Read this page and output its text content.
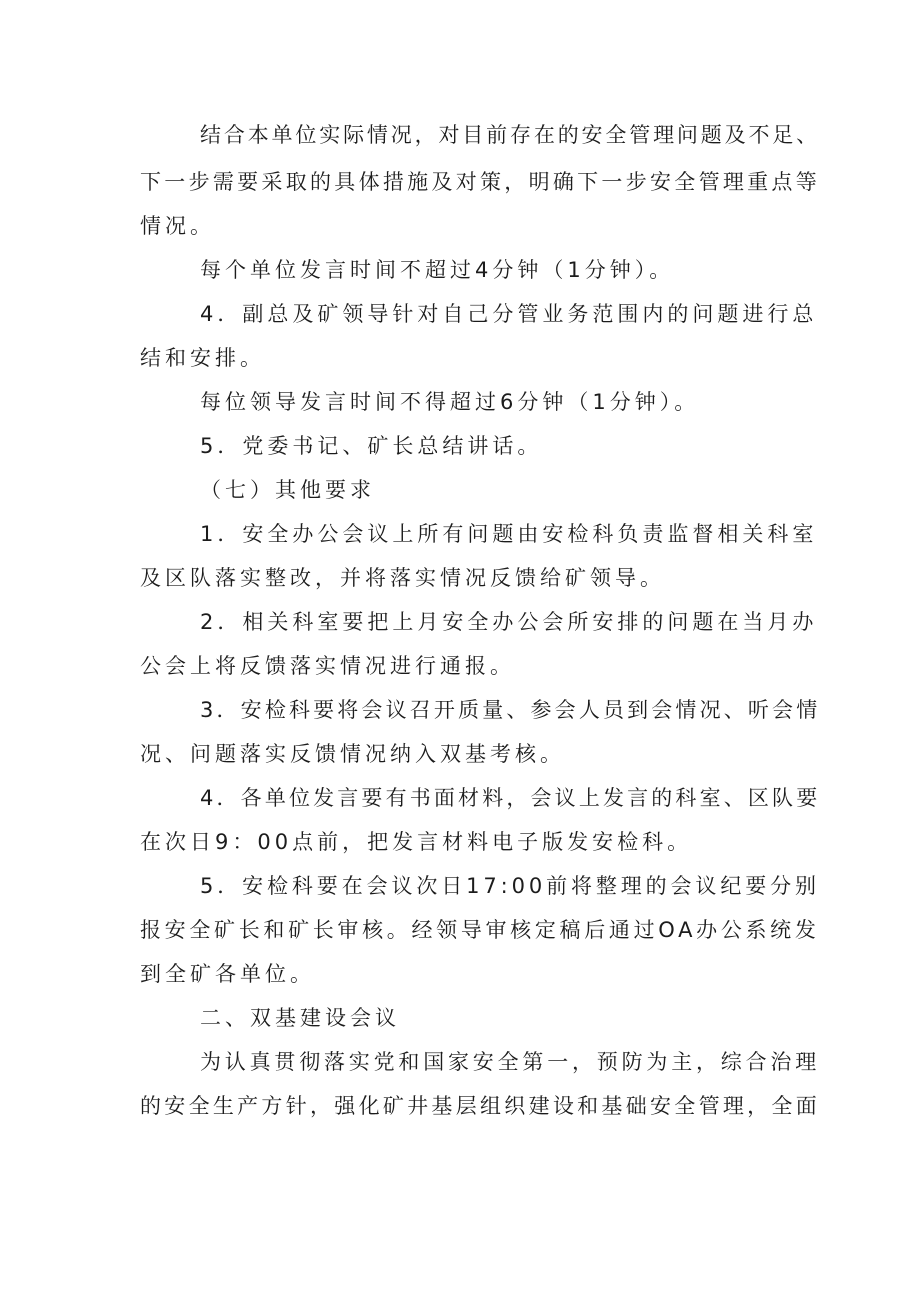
结合本单位实际情况，对目前存在的安全管理问题及不足、
下一步需要采取的具体措施及对策，明确下一步安全管理重点等
情况。
每个单位发言时间不超过4分钟（1分钟）。
4．副总及矿领导针对自己分管业务范围内的问题进行总
结和安排。
每位领导发言时间不得超过6分钟（1分钟）。
5．党委书记、矿长总结讲话。
（七）其他要求
1．安全办公会议上所有问题由安检科负责监督相关科室
及区队落实整改，并将落实情况反馈给矿领导。
2．相关科室要把上月安全办公会所安排的问题在当月办
公会上将反馈落实情况进行通报。
3．安检科要将会议召开质量、参会人员到会情况、听会情
况、问题落实反馈情况纳入双基考核。
4．各单位发言要有书面材料，会议上发言的科室、区队要
在次日9：00点前，把发言材料电子版发安检科。
5．安检科要在会议次日17:00前将整理的会议纪要分别
报安全矿长和矿长审核。经领导审核定稿后通过OA办公系统发
到全矿各单位。
二、双基建设会议
为认真贯彻落实党和国家安全第一，预防为主，综合治理
的安全生产方针，强化矿井基层组织建设和基础安全管理，全面
